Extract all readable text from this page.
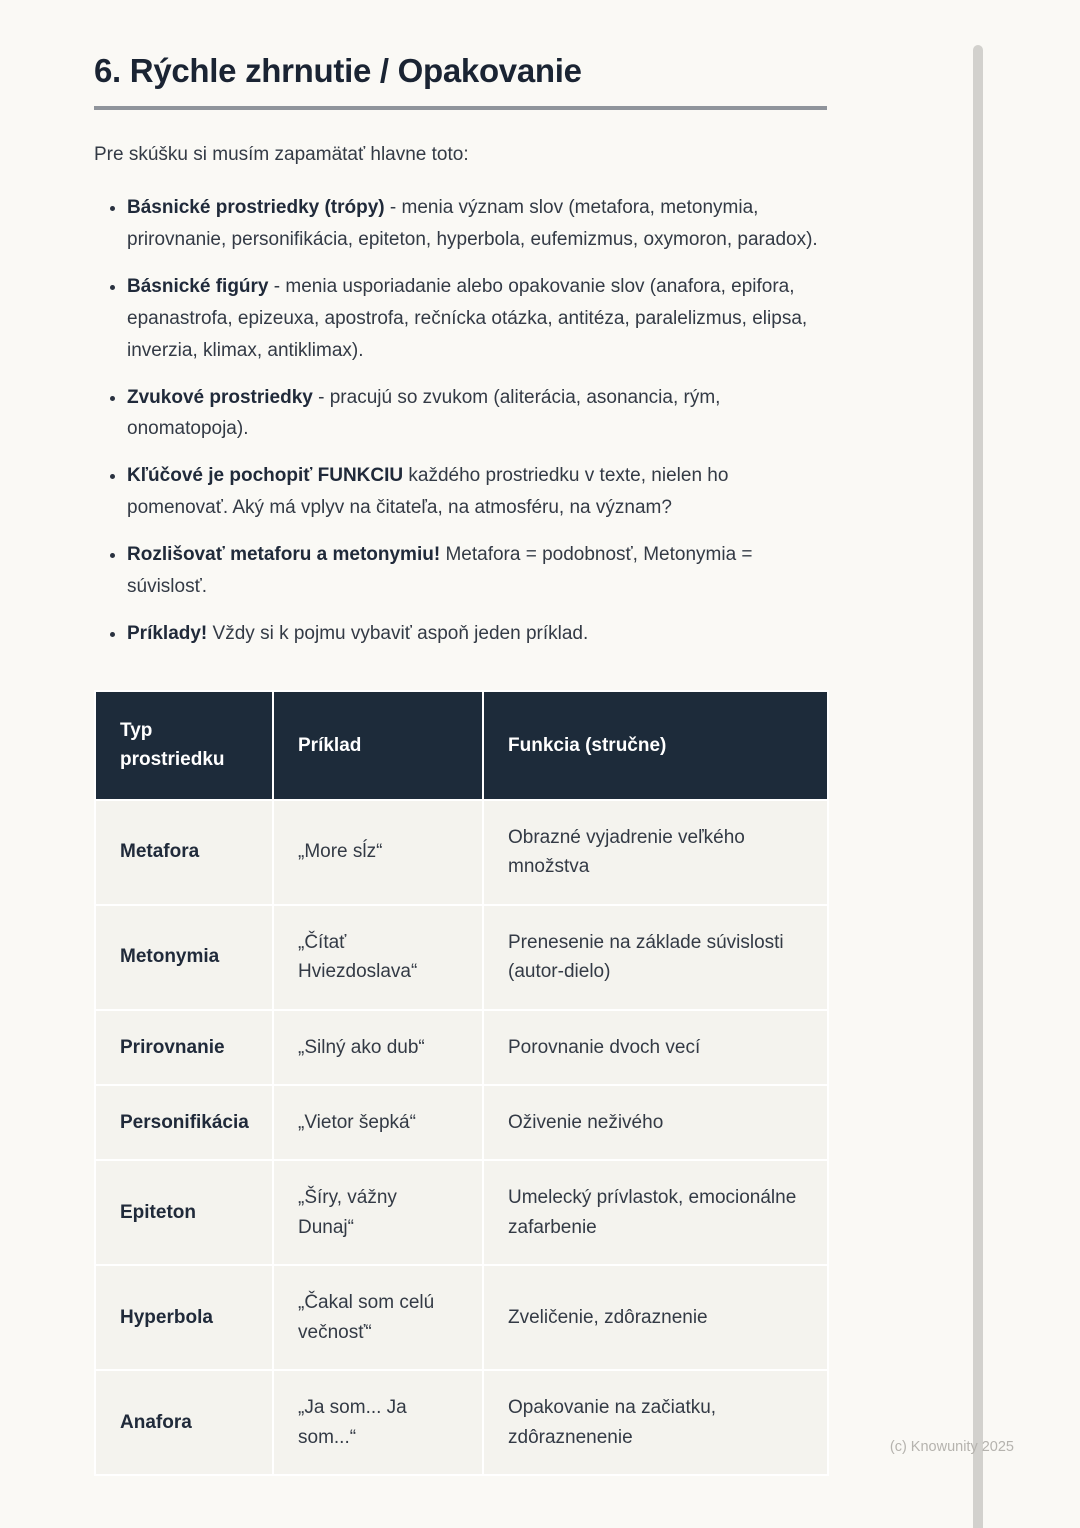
6. Rýchle zhrnutie / Opakovanie

Pre skúšku si musím zapamätať hlavne toto:

• Básnické prostriedky (trópy) - menia význam slov (metafora, metonymia, prirovnanie, personifikácia, epiteton, hyperbola, eufemizmus, oxymoron, paradox).
• Básnické figúry - menia usporiadanie alebo opakovanie slov (anafora, epifora, epanastrofa, epizeuxa, apostrofa, rečnícka otázka, antitéza, paralelizmus, elipsa, inverzia, klimax, antiklimax).
• Zvukové prostriedky - pracujú so zvukom (aliterácia, asonancia, rým, onomatopoja).
• Kľúčové je pochopiť FUNKCIU každého prostriedku v texte, nielen ho pomenovať. Aký má vplyv na čitateľa, na atmosféru, na význam?
• Rozlišovať metaforu a metonymiu! Metafora = podobnosť, Metonymia = súvislosť.
• Príklady! Vždy si k pojmu vybaviť aspoň jeden príklad.
Typ prostriedku	Príklad	Funkcia (stručne)
Metafora	„More sĺz“	Obrazné vyjadrenie veľkého množstva
Metonymia	„Čítať Hviezdoslava“	Prenesenie na základe súvislosti (autor-dielo)
Prirovnanie	„Silný ako dub“	Porovnanie dvoch vecí
Personifikácia	„Vietor šepká“	Oživenie neživého
Epiteton	„Šíry, vážny Dunaj“	Umelecký prívlastok, emocionálne zafarbenie
Hyperbola	„Čakal som celú večnosť“	Zveličenie, zdôraznenie
Anafora	„Ja som... Ja som...“	Opakovanie na začiatku, zdôraznenenie	(c) Knowunity 2025
